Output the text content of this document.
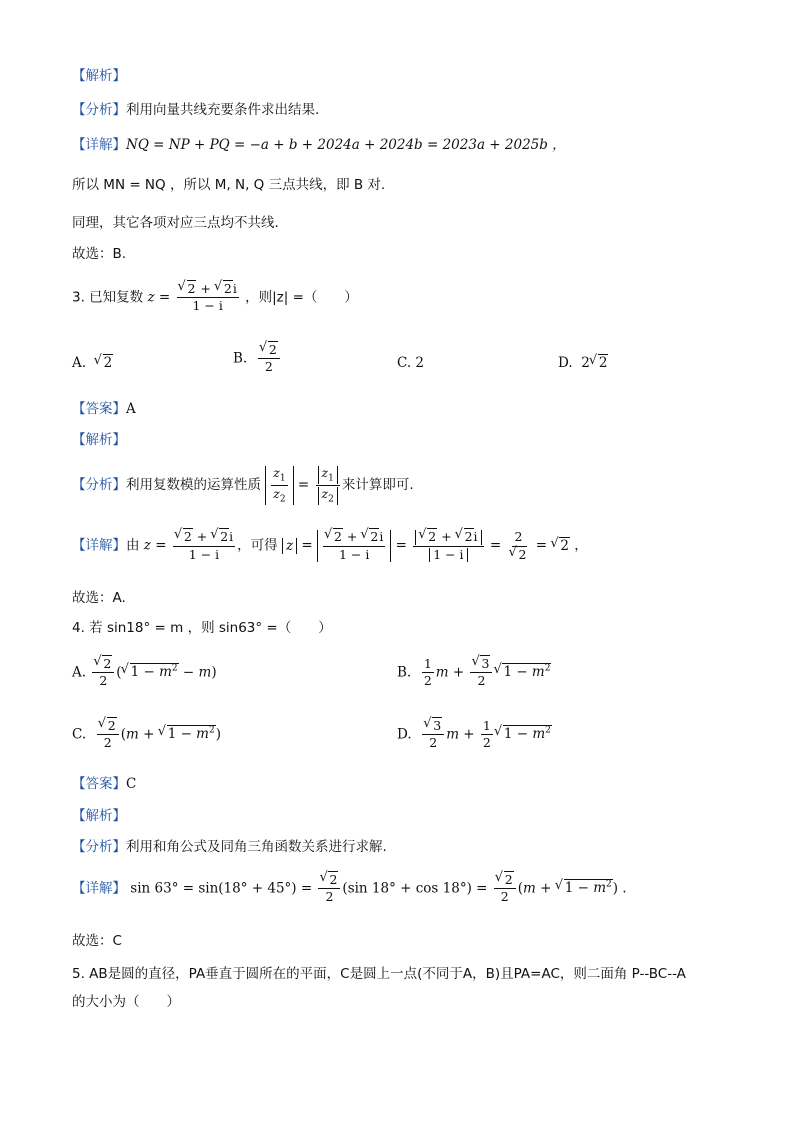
【解析】
【分析】利用向量共线充要条件求出结果.
【详解】NQ = NP + PQ = −a + b + 2024a + 2024b = 2023a + 2025b ，
所以 MN = NQ ，所以 M, N, Q 三点共线，即 B 对.
同理，其它各项对应三点均不共线.
故选：B.
3. 已知复数 z = √ $\frac{2 + √ 2i}{1 - i}$ ，则|z| =（　　）
A. √ 2	B. √ $\frac{2}{2}$	C. 2	D.  2 √ 2
【答案】A
【解析】
【分析】利用复数模的运算性质 $\frac{z_1}{z_2} = \frac{z_1}{z_2}$ 来计算即可.
【详解】由 z = √ $\frac{2 + √ 2i}{1 - i}$ ，可得 z = √ $\frac{2 + √ 2i}{1 - i}$ = √ $\frac{2 + √ 2i}{1 - i} = 2$
√ 2 = √ 2 ，
故选：A.
4. 若 sin18° = m ，则 sin63° =（　　）
A. √ $\frac{2}{2}$ ( √ $1 - m^2 - m$)	B. $\frac{1}{2}$ m + √ $\frac{3}{2}$ √ $1 - m^2$
C. √ $\frac{2}{2} (m$ + √ $1 - m^2$)	D. √ $\frac{3}{2}$ $m + \frac{1}{2}$ √ $1 - m^2$
【答案】C
【解析】
【分析】利用和角公式及同角三角函数关系进行求解.
【详解】 sin 63° = sin(18° + 45°) = √ $\frac{2}{2} (\sin$ 18° + cos 18°) = √ $\frac{2}{2} (m$ + √ $1 - m^2$) .
故选：C
5. AB是圆的直径，PA垂直于圆所在的平面，C是圆上一点(不同于A，B)且PA=AC，则二面角 P--BC--A
的大小为（　　）
